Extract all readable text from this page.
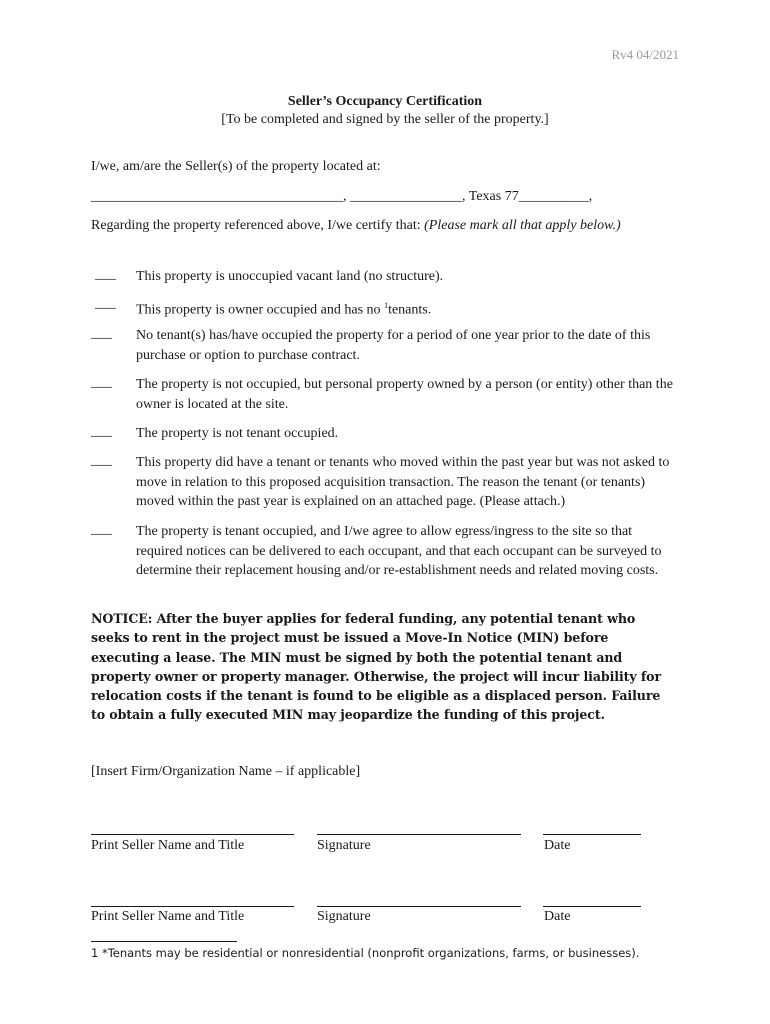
Rv4 04/2021
Seller’s Occupancy Certification
[To be completed and signed by the seller of the property.]
I/we, am/are the Seller(s) of the property located at:
____________________________________, ________________, Texas 77__________,
Regarding the property referenced above, I/we certify that: (Please mark all that apply below.)
___	This property is unoccupied vacant land (no structure).
___	This property is owner occupied and has no $^1$tenants.
___	No tenant(s) has/have occupied the property for a period of one year prior to the date of this purchase or option to purchase contract.
___	The property is not occupied, but personal property owned by a person (or entity) other than the owner is located at the site.
___	The property is not tenant occupied.
___	This property did have a tenant or tenants who moved within the past year but was not asked to move in relation to this proposed acquisition transaction. The reason the tenant (or tenants) moved within the past year is explained on an attached page. (Please attach.)
___	The property is tenant occupied, and I/we agree to allow egress/ingress to the site so that required notices can be delivered to each occupant, and that each occupant can be surveyed to determine their replacement housing and/or re-establishment needs and related moving costs.
NOTICE: After the buyer applies for federal funding, any potential tenant who seeks to rent in the project must be issued a Move-In Notice (MIN) before executing a lease. The MIN must be signed by both the potential tenant and property owner or property manager. Otherwise, the project will incur liability for relocation costs if the tenant is found to be eligible as a displaced person. Failure to obtain a fully executed MIN may jeopardize the funding of this project.
[Insert Firm/Organization Name – if applicable]
Print Seller Name and Title	Signature	Date
Print Seller Name and Title	Signature	Date
1 *Tenants may be residential or nonresidential (nonprofit organizations, farms, or businesses).
